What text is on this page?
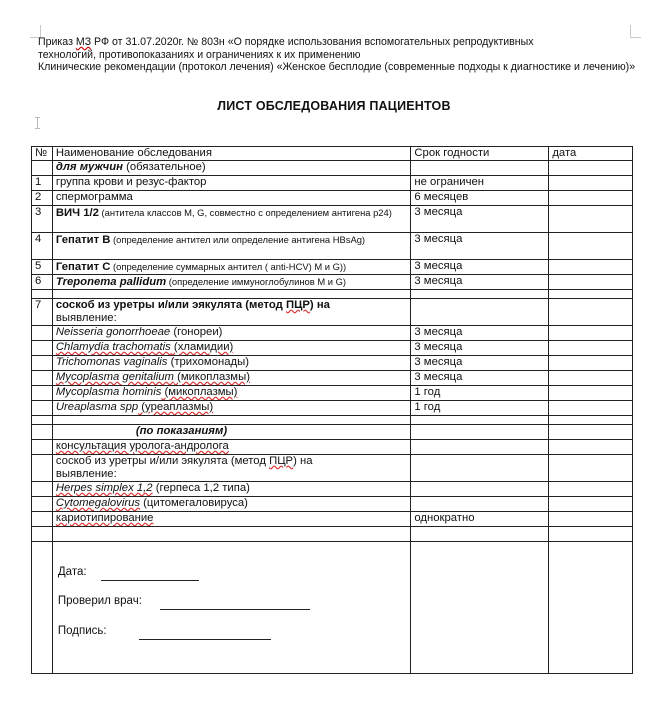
Приказ МЗ РФ от 31.07.2020г. № 803н «О порядке использования вспомогательных репродуктивных
технологий, противопоказаниях и ограничениях к их применению
Клинические рекомендации (протокол лечения) «Женское бесплодие (современные подходы к диагностике и лечению)»
ЛИСТ ОБСЛЕДОВАНИЯ ПАЦИЕНТОВ
№	Наименование обследования	Срок годности	дата
	для мужчин (обязательное)		
1	группа крови и резус-фактор	не ограничен	
2	спермограмма	6 месяцев	
3	ВИЧ 1/2 (антитела классов M, G, совместно с определением антигена p24)	3 месяца	
4	Гепатит В (определение антител или определение антигена HBsAg)	3 месяца	
5	Гепатит С (определение суммарных антител ( anti-HCV) M и G))	3 месяца	
6	Treponema pallidum (определение иммуноглобулинов M и G)	3 месяца	

7	соскоб из уретры и/или эякулята (метод ПЦР) на
выявление:		
	Neisseria gonorrhoeae (гонореи)	3 месяца	
	Chlamydia trachomatis (хламидии)	3 месяца	
	Trichomonas vaginalis (трихомонады)	3 месяца	
	Mycoplasma genitalium (микоплазмы)	3 месяца	
	Mycoplasma hominis (микоплазмы)	1 год	
	Ureaplasma spp (уреаплазмы)	1 год	

	(по показаниям)		
	консультация уролога-андролога		
	соскоб из уретры и/или эякулята (метод ПЦР) на
выявление:		
	Herpes simplex 1,2 (герпеса 1,2 типа)		
	Cytomegalovirus (цитомегаловируса)		
	кариотипирование	однократно	

	Дата:
Проверил врач:
Подпись:		
